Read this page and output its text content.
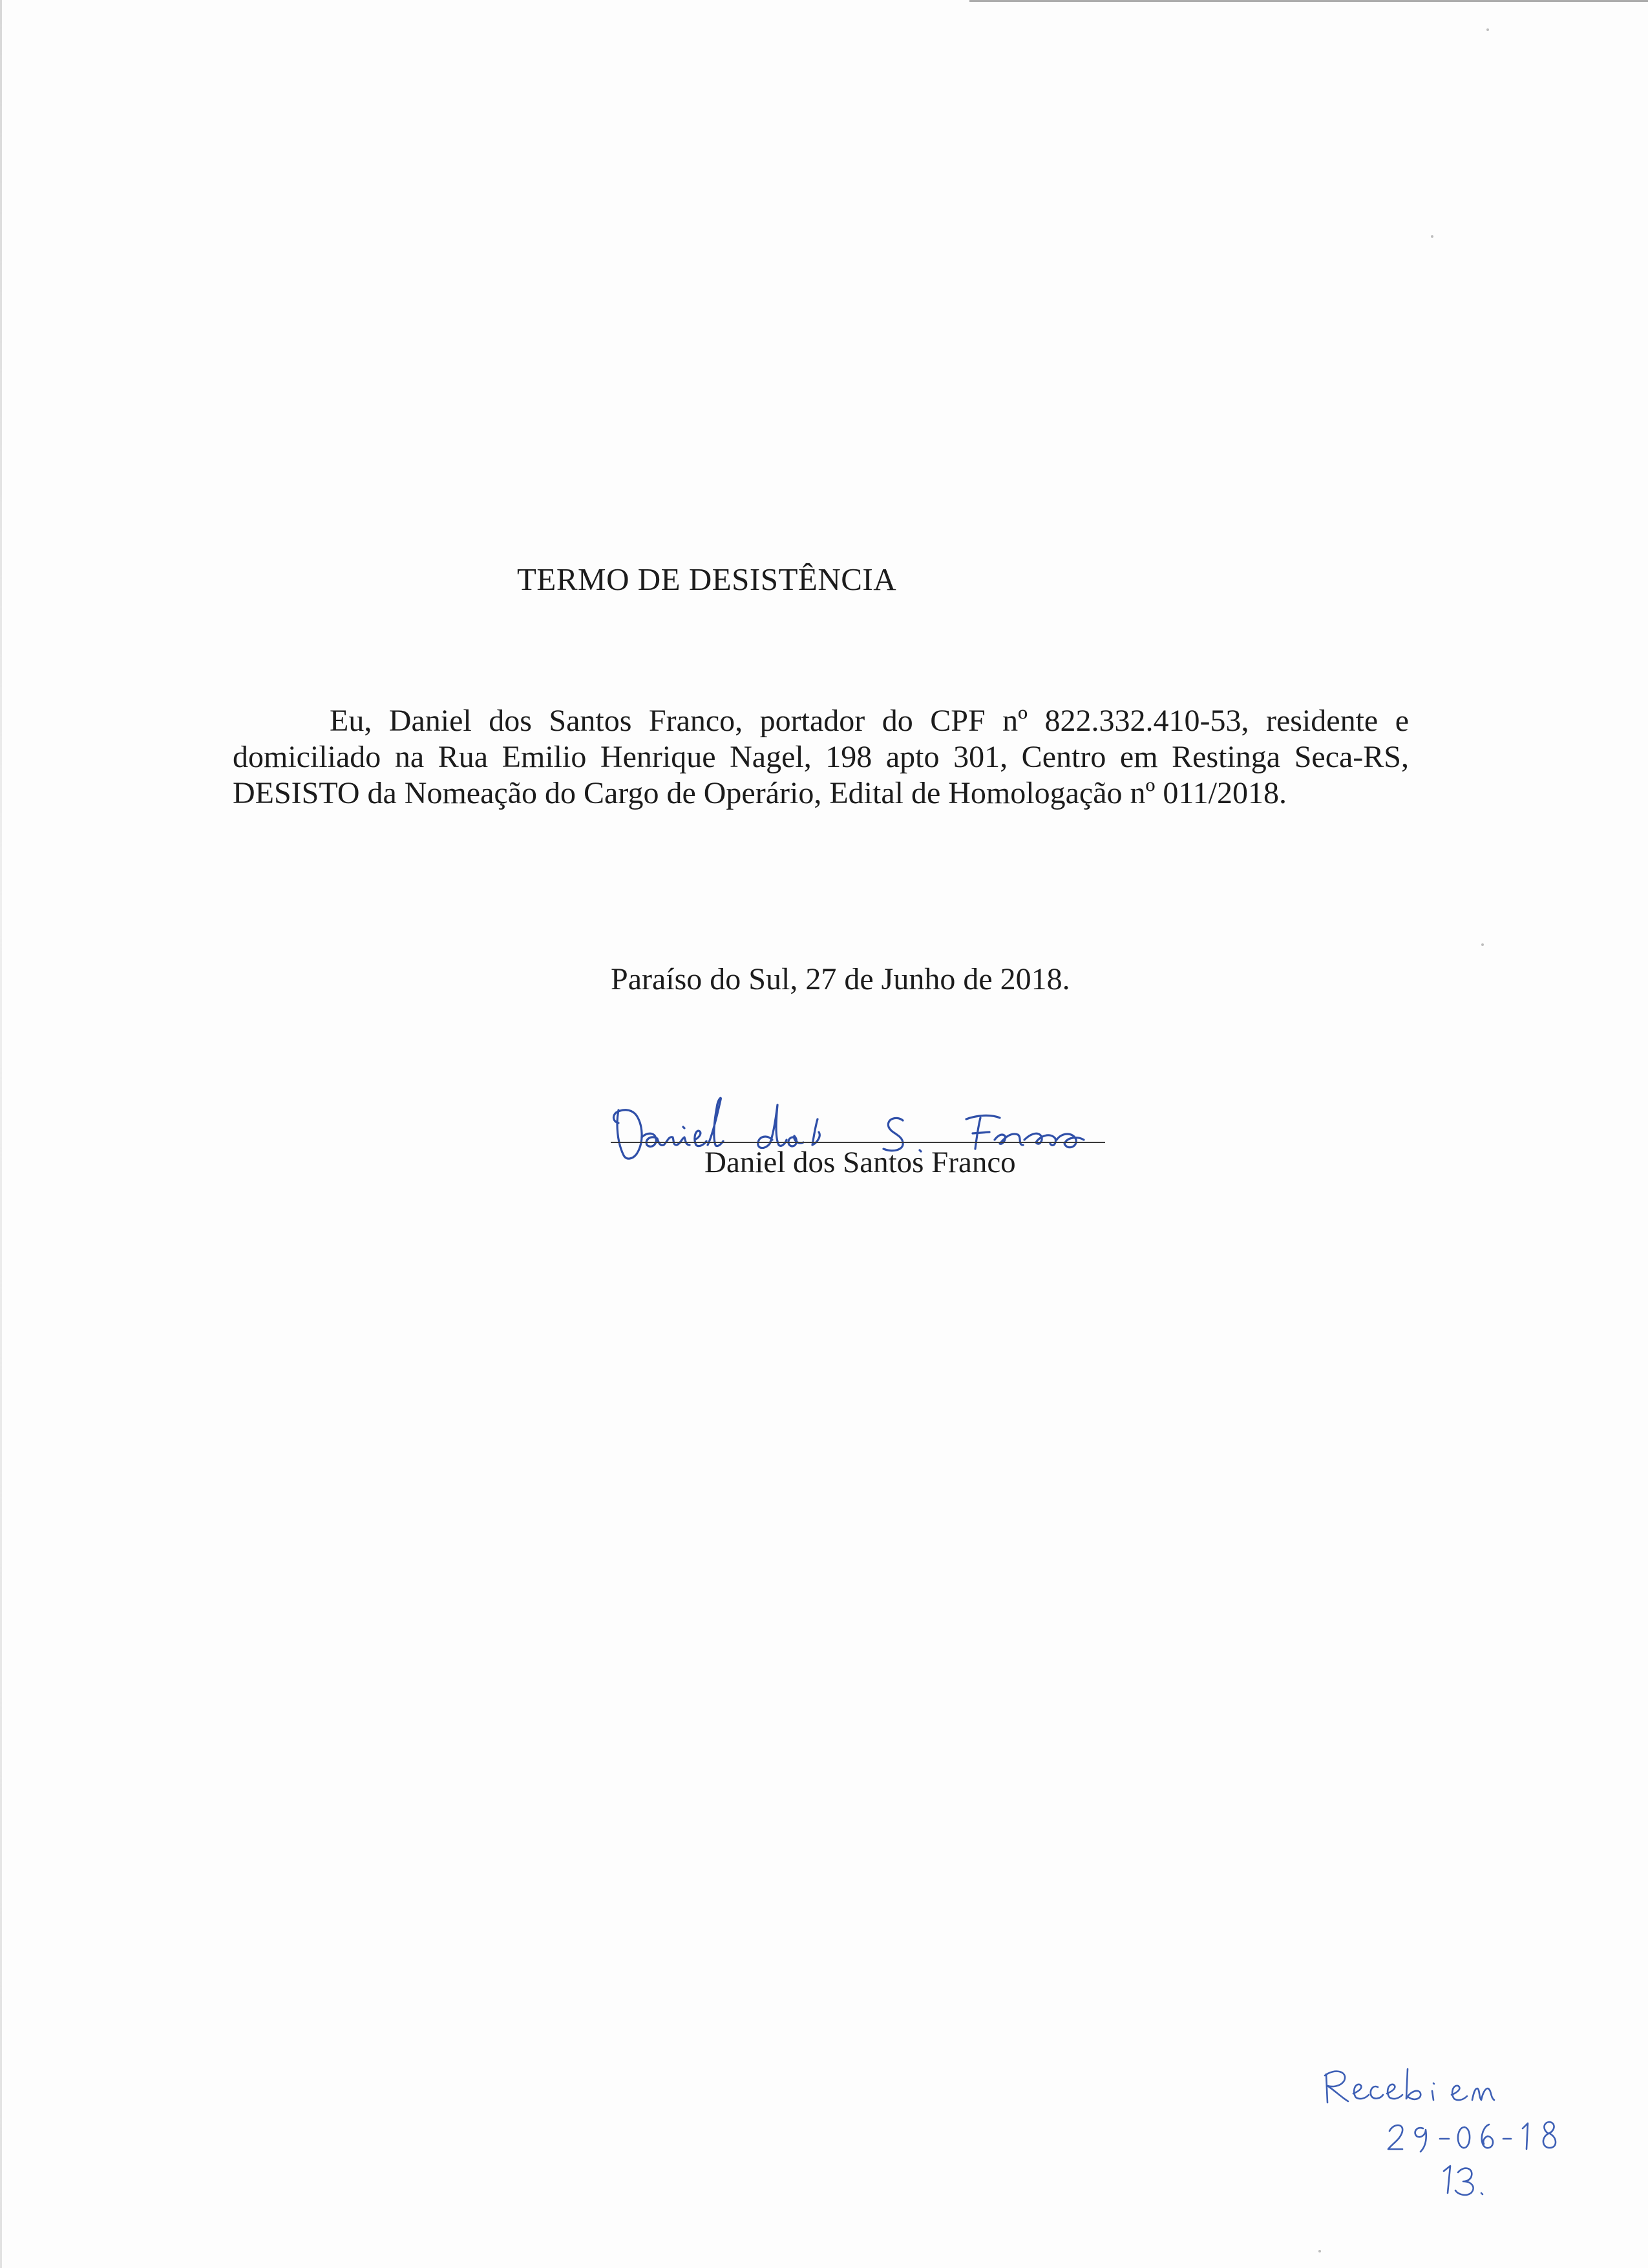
TERMO DE DESISTÊNCIA
Eu, Daniel dos Santos Franco, portador do CPF nº 822.332.410-53, residente e domiciliado na Rua Emilio Henrique Nagel, 198 apto 301, Centro em Restinga Seca-RS, DESISTO da Nomeação do Cargo de Operário, Edital de Homologação nº 011/2018.
Paraíso do Sul, 27 de Junho de 2018.
Daniel dos Santos Franco
